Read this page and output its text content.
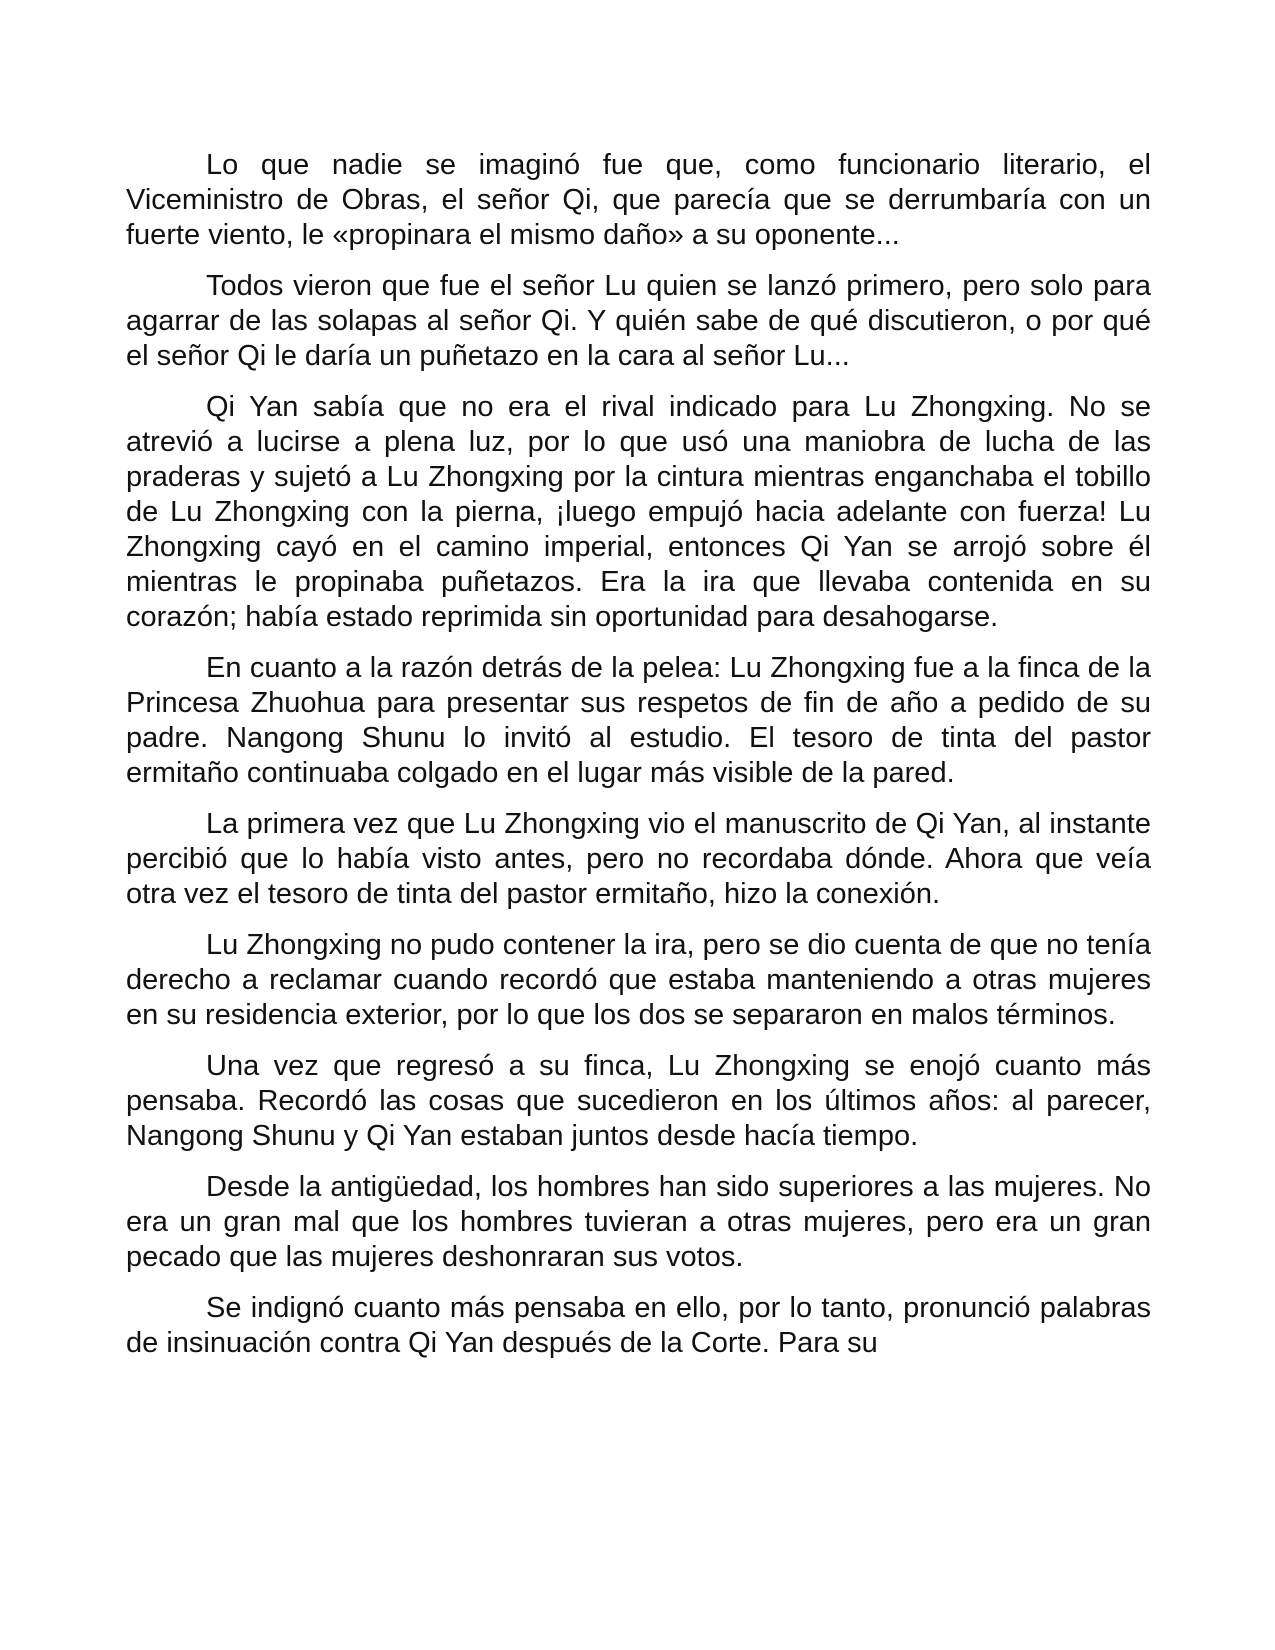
Lo que nadie se imaginó fue que, como funcionario literario, el Viceministro de Obras, el señor Qi, que parecía que se derrumbaría con un fuerte viento, le «propinara el mismo daño» a su oponente...

Todos vieron que fue el señor Lu quien se lanzó primero, pero solo para agarrar de las solapas al señor Qi. Y quién sabe de qué discutieron, o por qué el señor Qi le daría un puñetazo en la cara al señor Lu...

Qi Yan sabía que no era el rival indicado para Lu Zhongxing. No se atrevió a lucirse a plena luz, por lo que usó una maniobra de lucha de las praderas y sujetó a Lu Zhongxing por la cintura mientras enganchaba el tobillo de Lu Zhongxing con la pierna, ¡luego empujó hacia adelante con fuerza! Lu Zhongxing cayó en el camino imperial, entonces Qi Yan se arrojó sobre él mientras le propinaba puñetazos. Era la ira que llevaba contenida en su corazón; había estado reprimida sin oportunidad para desahogarse.

En cuanto a la razón detrás de la pelea: Lu Zhongxing fue a la finca de la Princesa Zhuohua para presentar sus respetos de fin de año a pedido de su padre. Nangong Shunu lo invitó al estudio. El tesoro de tinta del pastor ermitaño continuaba colgado en el lugar más visible de la pared.

La primera vez que Lu Zhongxing vio el manuscrito de Qi Yan, al instante percibió que lo había visto antes, pero no recordaba dónde. Ahora que veía otra vez el tesoro de tinta del pastor ermitaño, hizo la conexión.

Lu Zhongxing no pudo contener la ira, pero se dio cuenta de que no tenía derecho a reclamar cuando recordó que estaba manteniendo a otras mujeres en su residencia exterior, por lo que los dos se separaron en malos términos.

Una vez que regresó a su finca, Lu Zhongxing se enojó cuanto más pensaba. Recordó las cosas que sucedieron en los últimos años: al parecer, Nangong Shunu y Qi Yan estaban juntos desde hacía tiempo.

Desde la antigüedad, los hombres han sido superiores a las mujeres. No era un gran mal que los hombres tuvieran a otras mujeres, pero era un gran pecado que las mujeres deshonraran sus votos.

Se indignó cuanto más pensaba en ello, por lo tanto, pronunció palabras de insinuación contra Qi Yan después de la Corte. Para su
